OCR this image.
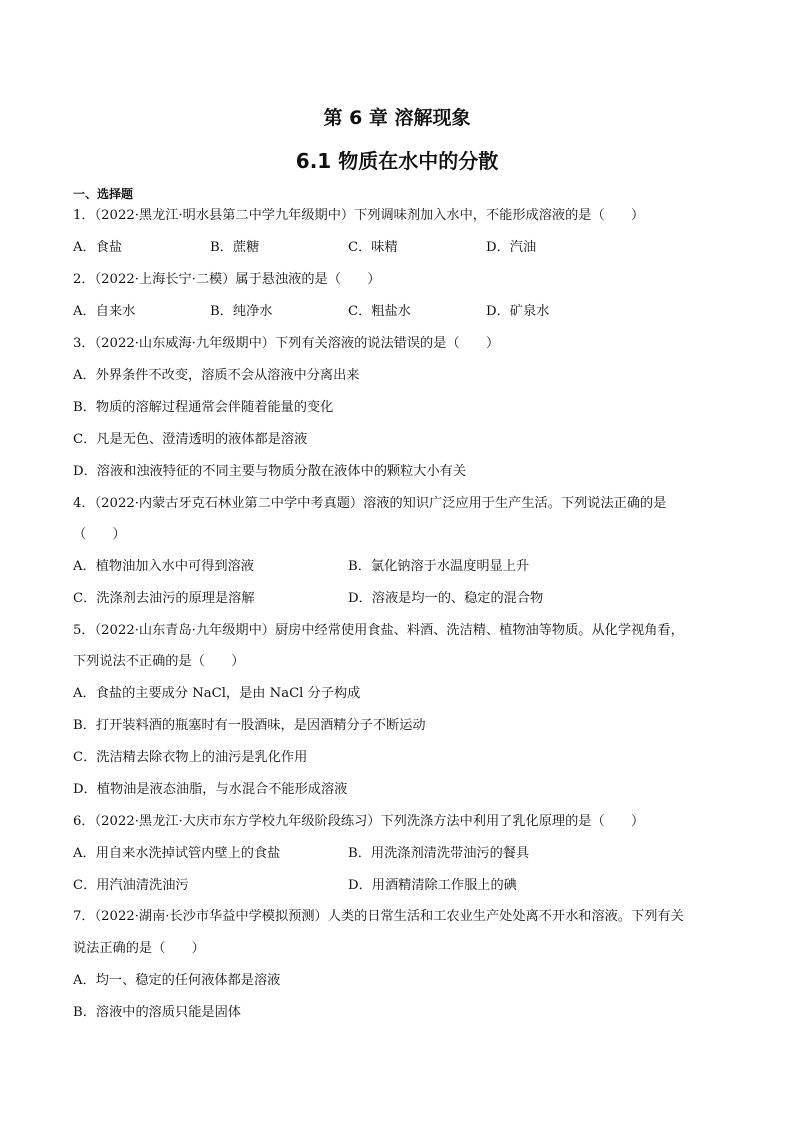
第 6 章 溶解现象
6.1 物质在水中的分散
一、选择题
1．（2022·黑龙江·明水县第二中学九年级期中）下列调味剂加入水中，不能形成溶液的是（　　）
A．食盐	B．蔗糖	C．味精	D．汽油
2．（2022·上海长宁·二模）属于悬浊液的是（　　）
A．自来水	B．纯净水	C．粗盐水	D．矿泉水
3．（2022·山东威海·九年级期中）下列有关溶液的说法错误的是（　　）
A．外界条件不改变，溶质不会从溶液中分离出来
B．物质的溶解过程通常会伴随着能量的变化
C．凡是无色、澄清透明的液体都是溶液
D．溶液和浊液特征的不同主要与物质分散在液体中的颗粒大小有关
4．（2022·内蒙古牙克石林业第二中学中考真题）溶液的知识广泛应用于生产生活。下列说法正确的是
（　　）
A．植物油加入水中可得到溶液	B．氯化钠溶于水温度明显上升
C．洗涤剂去油污的原理是溶解	D．溶液是均一的、稳定的混合物
5．（2022·山东青岛·九年级期中）厨房中经常使用食盐、料酒、洗洁精、植物油等物质。从化学视角看，
下列说法不正确的是（　　）
A．食盐的主要成分 NaCl，是由 NaCl 分子构成
B．打开装料酒的瓶塞时有一股酒味，是因酒精分子不断运动
C．洗洁精去除衣物上的油污是乳化作用
D．植物油是液态油脂，与水混合不能形成溶液
6．（2022·黑龙江·大庆市东方学校九年级阶段练习）下列洗涤方法中利用了乳化原理的是（　　）
A．用自来水洗掉试管内壁上的食盐	B．用洗涤剂清洗带油污的餐具
C．用汽油清洗油污	D．用酒精清除工作服上的碘
7．（2022·湖南·长沙市华益中学模拟预测）人类的日常生活和工农业生产处处离不开水和溶液。下列有关
说法正确的是（　　）
A．均一、稳定的任何液体都是溶液
B．溶液中的溶质只能是固体
